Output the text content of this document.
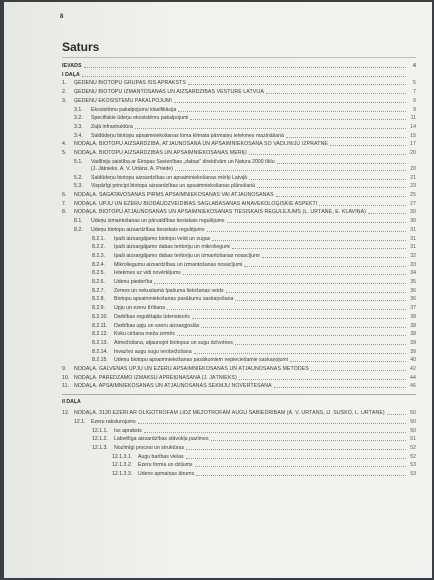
8
Saturs
IEVADS	4
I DAĻA
1.	ĢEDENU BIOTOPU GRUPAS ĪSS APRAKSTS	5
2.	ĢEDENU BIOTOPU IZMANTOŠANAS UN AIZSARDZĪBAS VĒSTURE LATVIJĀ	7
3.	ĢEDENU EKOSISTĒMU PAKALPOJUMI	9
3.1.	Ekosistēmu pakalpojumu klasifikācija	9
3.2.	Specifiskie ūdeņu ekosistēmu pakalpojumi	11
3.3.	Zaļā infrastruktūra	14
3.4.	Saldūdeņu biotopu apsaimniekošanas loma klimata pārmaiņu ietekmes mazināšanā	15
4.	NODAĻA. BIOTOPU AIZSARDZĪBA, ATJAUNOŠANA UN APSAIMNIEKOŠANA ŠO VADLĪNIJU IZPRATNĒ	17
5.	NODAĻA. BIOTOPU AIZSARDZĪBAS UN APSAIMNIEKOŠANAS MĒRĶI	20
5.1.	Vadlīniju saistība ar Eiropas Savienības „dabas” direktīvām un Natura 2000 tīklu
(J. Jātnieks, A. V. Urtāns, A. Priede)	20
5.2.	Saldūdeņu biotopu aizsardzības un apsaimniekošanas mērķi Latvijā	21
5.3.	Vispārīgi principi biotopu aizsardzības un apsaimniekošanas plānošanā	23
6.	NODAĻA. SAGATAVOŠANĀS PIRMS APSAIMNIEKOŠANAS VAI ATJAUNOŠANAS	25
7.	NODAĻA. UPJU UN EZERU BIODAUDZVEIDĪBAS SAGLABĀŠANAS AINAVEKOLOĢISKIE ASPEKTI	27
8.	NODAĻA. BIOTOPU ATJAUNOŠANAS UN APSAIMNIEKOŠANAS TIESISKAIS REGULĒJUMS (L. URTĀNE, E. KLAVIŅA)	30
8.1.	Ūdeņu izmantošanas un pārvaldības tiesiskais regulējums	30
8.2.	Ūdeņu biotopu aizsardzības tiesiskais regulējums	31
8.2.1.	Īpaši aizsargājamo biotopu veidi un sugas	31
8.2.2.	Īpaši aizsargājamo dabas teritoriju un mikroliegumi	31
8.2.3.	Īpaši aizsargājamo dabas teritoriju un izmantošanas nosacījumi	32
8.2.4.	Mikroliegumu aizsardzības un izmantošanas nosacījumi	33
8.2.5.	Ietekmes uz vidi novērtējums	34
8.2.6.	Ūdenu piederība	35
8.2.7.	Zemes un nekustamā īpašuma lietošanas veids	36
8.2.8.	Biotopu apsaimniekošanas pasākumu saskaņošana	36
8.2.9.	Upju un ezeru tīrīšana	37
8.2.10.	Darbības regulētajās ūdenstecēs	38
8.2.11.	Darbības upju un ezeru aizsargjoslās	38
8.2.12.	Koku ciršana meža zemēs	38
8.2.13.	Atmežošana, atjaunojot biotopus un sugu dzīvotnes	39
8.2.14.	Invazīvo augu sugu ierobežošana	39
8.2.15.	Ūdeņu biotopu apsaimniekošanas pasākumiem nepieciešamie saskaņojumi	40
9.	NODAĻA. GALVENĀS UPJU UN EZERU APSAIMNIEKOŠANAS UN ATJAUNOŠANAS METODES	42
10. NODAĻA. PAREDZAMO IZMAKSU APRĒĶINĀŠANA (J. JĀTNIEKS)	44
11. NODAĻA. APSAIMNIEKOŠANAS UN ATJAUNOŠANAS SEKMJU NOVĒRTĒŠANA	46
II DAĻA
12. NODAĻA. 3130 EZERI AR OLIGOTROFĀM LĪDZ MEZOTROFĀM AUGU SABIEDRĪBĀM (A. V. URTĀNS, U. SUŠKO, L. URTĀNE)	50
12.1.	Ezeru raksturojums	50
12.1.1.	Īss apraksts	50
12.1.2.	Labvēlīga aizsardzības stāvokļa pazīmes	51
12.1.3.	Nozīmīgi procesi un struktūras	52
12.1.3.1.	Augu barības vielas	52
12.1.3.2.	Ezeru forma un dziļums	53
12.1.3.3.	Ūdens apmaiņas ātrums	53
